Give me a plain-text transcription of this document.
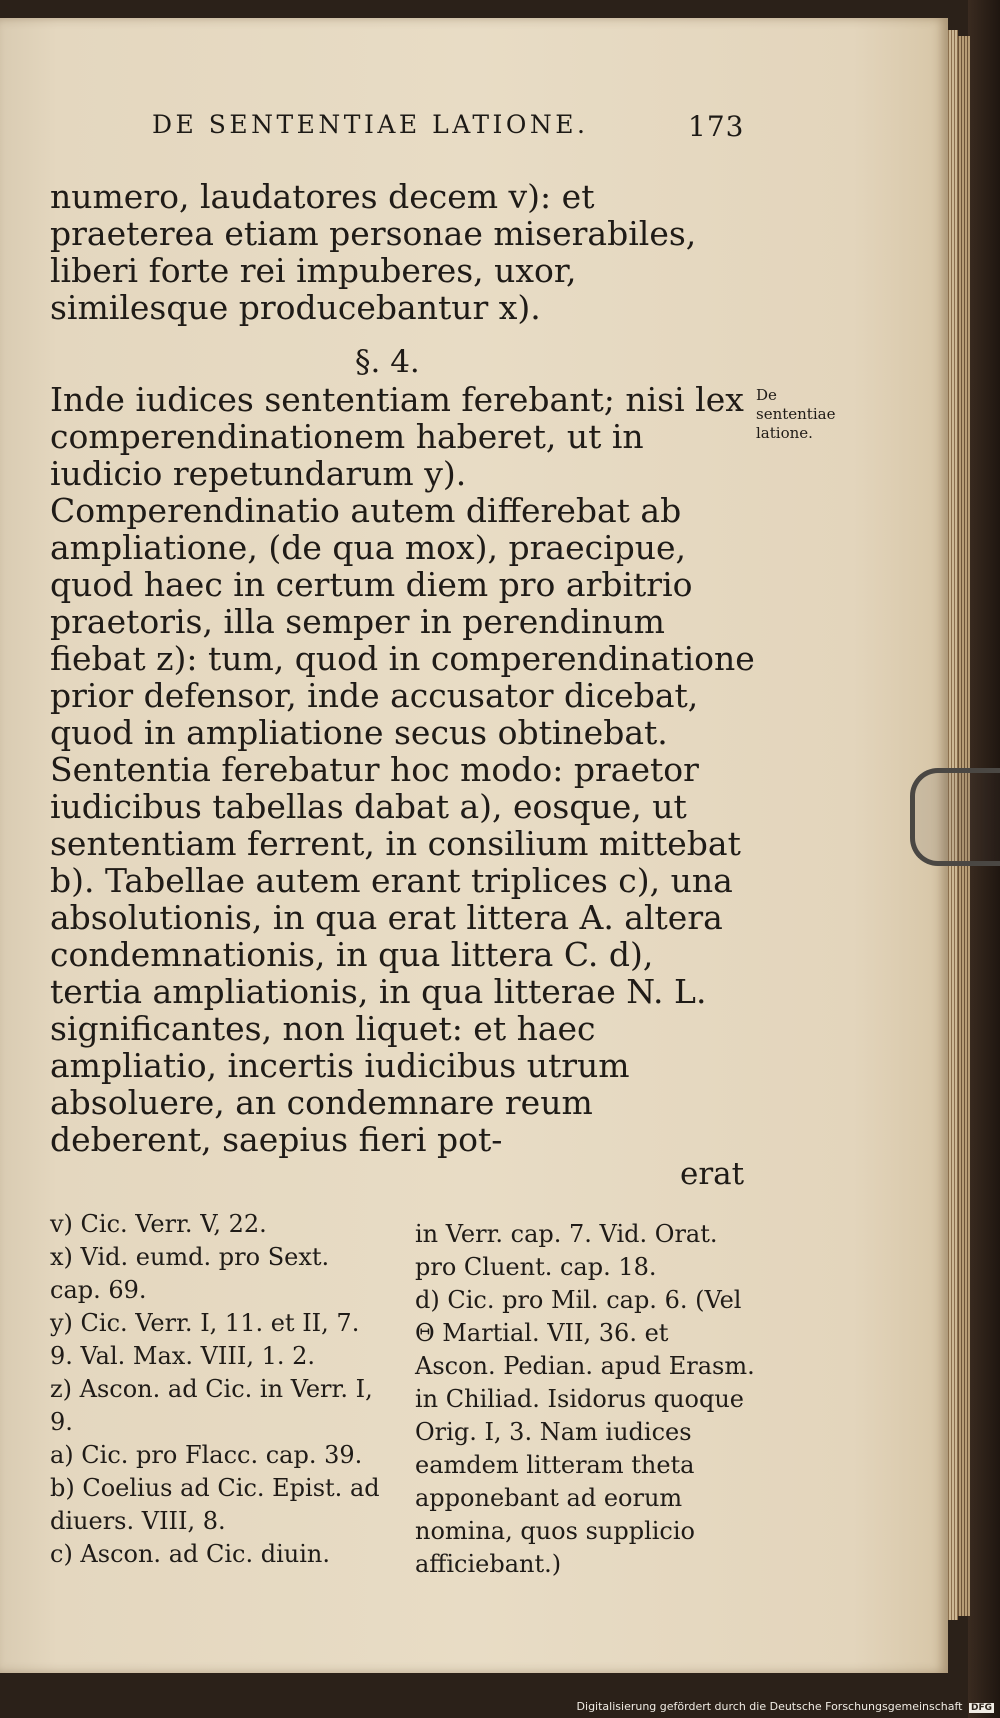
DE SENTENTIAE LATIONE.	173

numero, laudatores decem v): et praeterea etiam personae miserabiles, liberi forte rei impuberes, uxor, similesque producebantur x).

§. 4.

Inde iudices sententiam ferebant; nisi lex comperendinationem haberet, ut in iudicio repetundarum y). Comperendinatio autem differebat ab ampliatione, (de qua mox), praecipue, quod haec in certum diem pro arbitrio praetoris, illa semper in perendinum fiebat z): tum, quod in comperendinatione prior defensor, inde accusator dicebat, quod in ampliatione secus obtinebat. Sententia ferebatur hoc modo: praetor iudicibus tabellas dabat a), eosque, ut sententiam ferrent, in consilium mittebat b). Tabellae autem erant triplices c), una absolutionis, in qua erat littera A. altera condemnationis, in qua littera C. d), tertia ampliationis, in qua litterae N. L. significantes, non liquet: et haec ampliatio, incertis iudicibus utrum absoluere, an condemnare reum deberent, saepius fieri pot-

De sententiae latione.
erat

v) Cic. Verr. V, 22.
x) Vid. eumd. pro Sext. cap. 69.
y) Cic. Verr. I, 11. et II, 7. 9. Val. Max. VIII, 1. 2.
z) Ascon. ad Cic. in Verr. I, 9.
a) Cic. pro Flacc. cap. 39.
b) Coelius ad Cic. Epist. ad diuers. VIII, 8.
c) Ascon. ad Cic. diuin.

in Verr. cap. 7. Vid. Orat. pro Cluent. cap. 18.
d) Cic. pro Mil. cap. 6. (Vel Θ Martial. VII, 36. et Ascon. Pedian. apud Erasm. in Chiliad. Isidorus quoque Orig. I, 3. Nam iudices eamdem litteram theta apponebant ad eorum nomina, quos supplicio afficiebant.)

Digitalisierung gefördert durch die Deutsche Forschungsgemeinschaft DFG
